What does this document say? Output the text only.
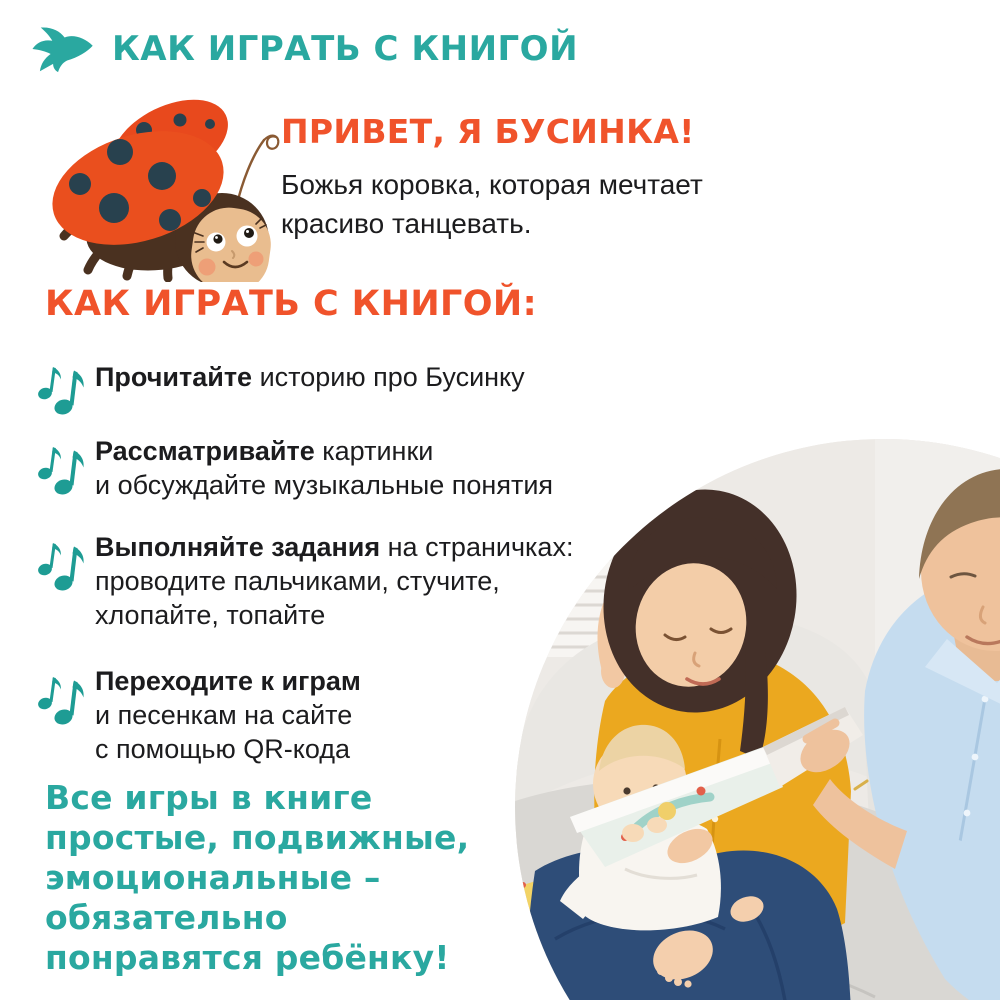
КАК ИГРАТЬ С КНИГОЙ
ПРИВЕТ, Я БУСИНКА!
Божья коровка, которая мечтает
красиво танцевать.
КАК ИГРАТЬ С КНИГОЙ:
Прочитайте историю про Бусинку
Рассматривайте картинки
и обсуждайте музыкальные понятия
Выполняйте задания на страничках:
проводите пальчиками, стучите,
хлопайте, топайте
Переходите к играм
и песенкам на сайте
с помощью QR-кода
Все игры в книге
простые, подвижные,
эмоциональные –
обязательно
понравятся ребёнку!
